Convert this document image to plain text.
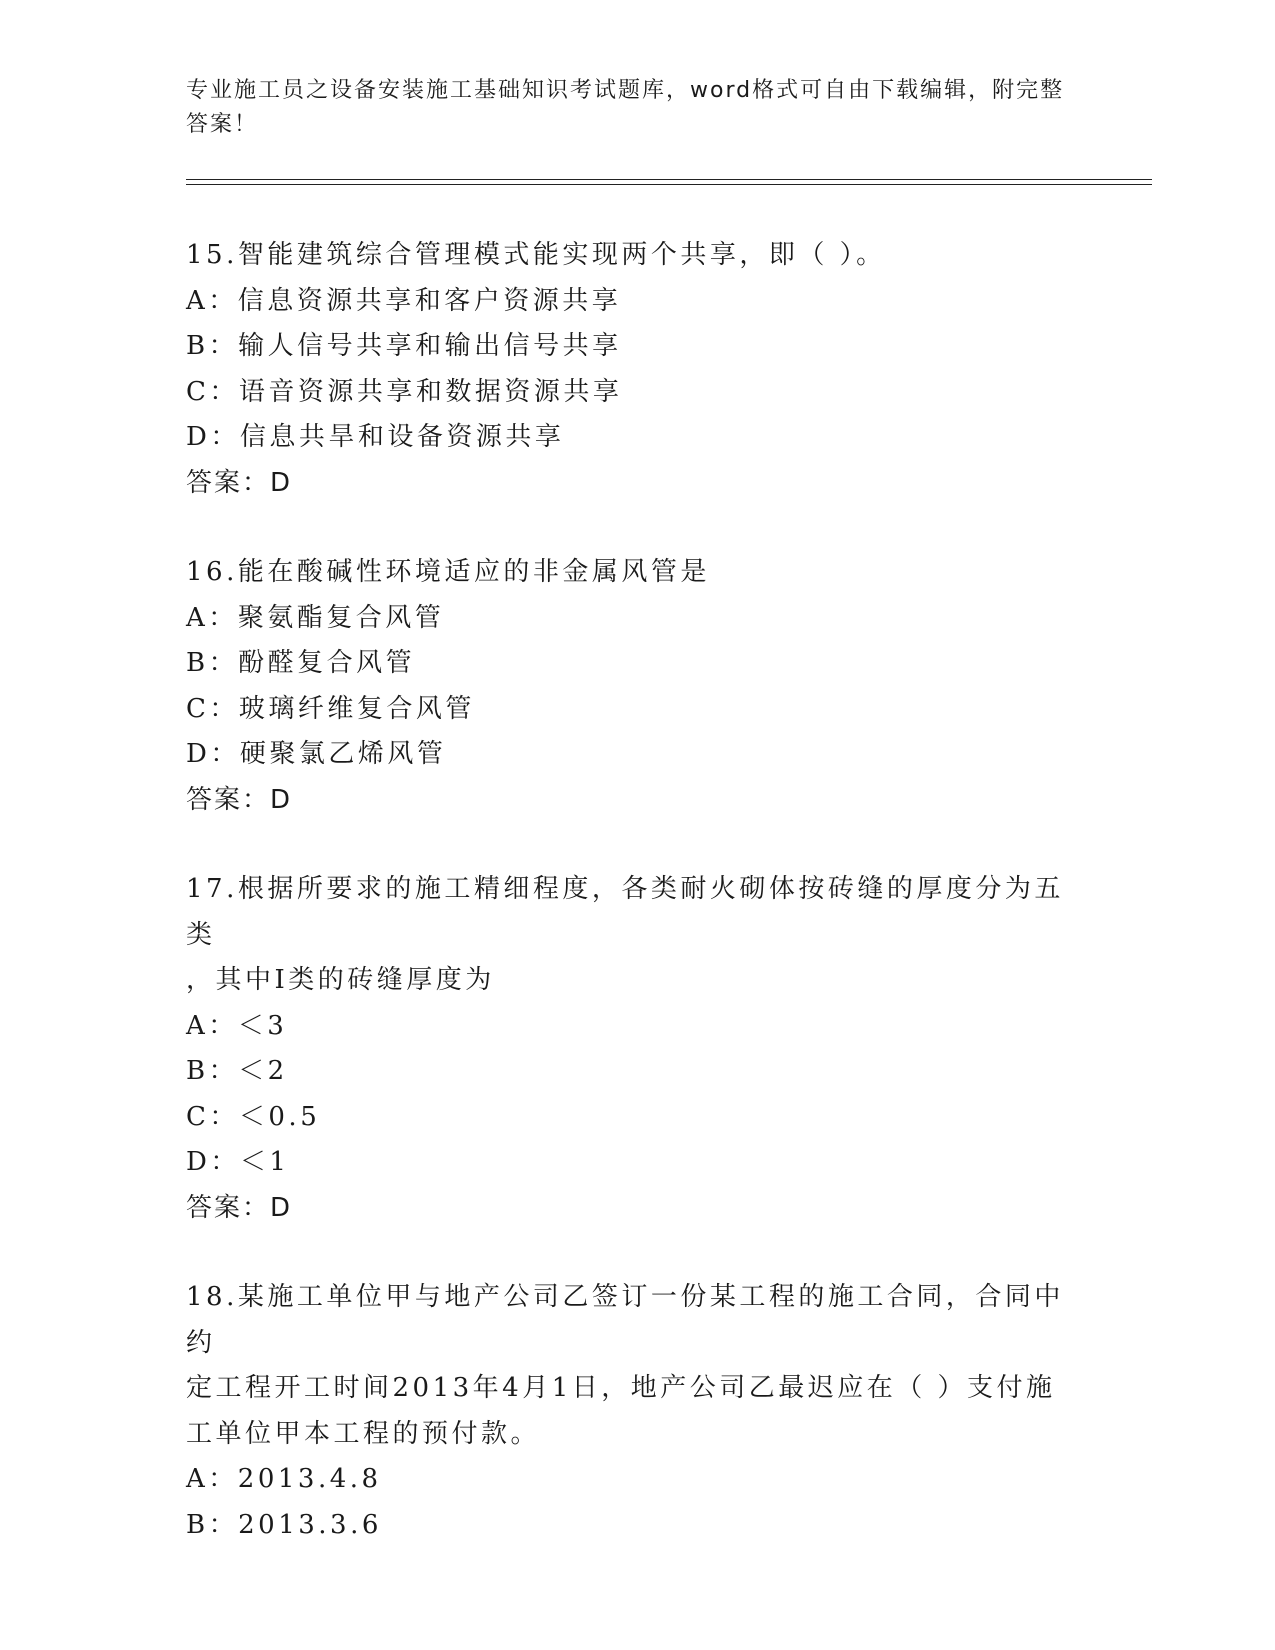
专业施工员之设备安装施工基础知识考试题库，word格式可自由下载编辑，附完整答案！

15.智能建筑综合管理模式能实现两个共享，即（ ）。
A：信息资源共享和客户资源共享
B：输人信号共享和输出信号共享
C：语音资源共享和数据资源共享
D：信息共旱和设备资源共享
答案：D
16.能在酸碱性环境适应的非金属风管是
A：聚氨酯复合风管
B：酚醛复合风管
C：玻璃纤维复合风管
D：硬聚氯乙烯风管
答案：D
17.根据所要求的施工精细程度，各类耐火砌体按砖缝的厚度分为五类
，其中Ⅰ类的砖缝厚度为
A：＜3
B：＜2
C：＜0.5
D：＜1
答案：D
18.某施工单位甲与地产公司乙签订一份某工程的施工合同，合同中约
定工程开工时间2013年4月1日，地产公司乙最迟应在（ ）支付施
工单位甲本工程的预付款。
A：2013.4.8
B：2013.3.6
